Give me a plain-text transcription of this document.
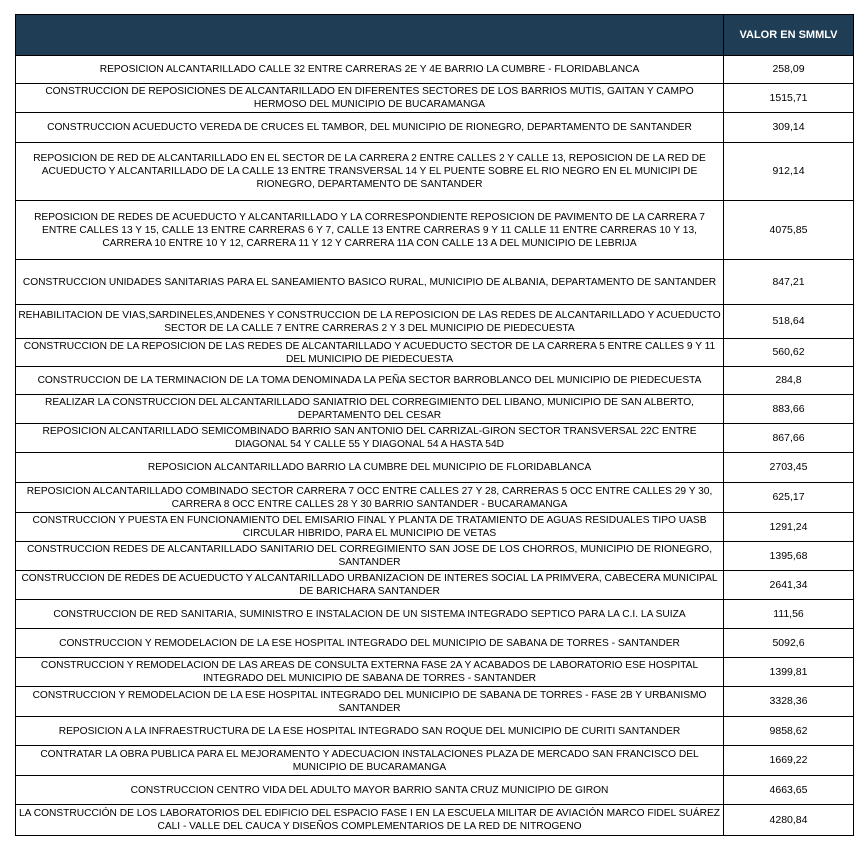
	VALOR EN SMMLV
REPOSICION ALCANTARILLADO CALLE 32 ENTRE CARRERAS 2E Y 4E BARRIO LA CUMBRE - FLORIDABLANCA	258,09
CONSTRUCCION DE REPOSICIONES DE ALCANTARILLADO EN DIFERENTES SECTORES DE LOS BARRIOS MUTIS, GAITAN Y CAMPO HERMOSO DEL MUNICIPIO DE BUCARAMANGA	1515,71
CONSTRUCCION ACUEDUCTO VEREDA DE CRUCES EL TAMBOR, DEL MUNICIPIO DE RIONEGRO, DEPARTAMENTO DE SANTANDER	309,14
REPOSICION DE RED DE ALCANTARILLADO EN EL SECTOR DE LA CARRERA 2 ENTRE CALLES 2 Y CALLE 13, REPOSICION DE LA RED DE ACUEDUCTO Y ALCANTARILLADO DE LA CALLE 13 ENTRE TRANSVERSAL 14 Y EL PUENTE SOBRE EL RIO NEGRO EN EL MUNICIPI DE RIONEGRO, DEPARTAMENTO DE SANTANDER	912,14
REPOSICION DE REDES DE ACUEDUCTO Y ALCANTARILLADO Y LA CORRESPONDIENTE REPOSICION DE PAVIMENTO DE LA CARRERA 7 ENTRE CALLES 13 Y 15, CALLE 13 ENTRE CARRERAS 6 Y 7, CALLE 13 ENTRE CARRERAS 9 Y 11 CALLE 11 ENTRE CARRERAS 10 Y 13, CARRERA 10 ENTRE 10 Y 12, CARRERA 11 Y 12 Y CARRERA 11A CON CALLE 13 A DEL MUNICIPIO DE LEBRIJA	4075,85
CONSTRUCCION UNIDADES SANITARIAS PARA EL SANEAMIENTO BASICO RURAL, MUNICIPIO DE ALBANIA, DEPARTAMENTO DE SANTANDER	847,21
REHABILITACION DE VIAS,SARDINELES,ANDENES Y CONSTRUCCION DE LA REPOSICION DE LAS REDES DE ALCANTARILLADO Y ACUEDUCTO SECTOR DE LA CALLE 7 ENTRE CARRERAS 2 Y 3 DEL MUNICIPIO DE PIEDECUESTA	518,64
CONSTRUCCION DE LA REPOSICION DE LAS REDES DE ALCANTARILLADO Y ACUEDUCTO SECTOR DE LA CARRERA 5 ENTRE CALLES 9 Y 11 DEL MUNICIPIO DE PIEDECUESTA	560,62
CONSTRUCCION DE LA TERMINACION DE LA TOMA DENOMINADA LA PEÑA SECTOR BARROBLANCO DEL MUNICIPIO DE PIEDECUESTA	284,8
REALIZAR LA CONSTRUCCION DEL ALCANTARILLADO SANIATRIO DEL CORREGIMIENTO DEL LIBANO, MUNICIPIO DE SAN ALBERTO, DEPARTAMENTO DEL CESAR	883,66
REPOSICION ALCANTARILLADO SEMICOMBINADO BARRIO SAN ANTONIO DEL CARRIZAL-GIRON SECTOR TRANSVERSAL 22C ENTRE DIAGONAL 54 Y CALLE 55 Y DIAGONAL 54 A HASTA 54D	867,66
REPOSICION ALCANTARILLADO BARRIO LA CUMBRE DEL MUNICIPIO DE FLORIDABLANCA	2703,45
REPOSICION ALCANTARILLADO COMBINADO SECTOR CARRERA 7 OCC ENTRE CALLES 27 Y 28, CARRERAS 5 OCC ENTRE CALLES 29 Y 30, CARRERA 8 OCC ENTRE CALLES 28 Y 30 BARRIO SANTANDER - BUCARAMANGA	625,17
CONSTRUCCION Y PUESTA EN FUNCIONAMIENTO DEL EMISARIO FINAL Y PLANTA DE TRATAMIENTO DE AGUAS RESIDUALES TIPO UASB CIRCULAR HIBRIDO, PARA EL MUNICIPIO DE VETAS	1291,24
CONSTRUCCION REDES DE ALCANTARILLADO SANITARIO DEL CORREGIMIENTO SAN JOSE DE LOS CHORROS, MUNICIPIO DE RIONEGRO, SANTANDER	1395,68
CONSTRUCCION DE REDES DE ACUEDUCTO Y ALCANTARILLADO URBANIZACION DE INTERES SOCIAL LA PRIMVERA, CABECERA MUNICIPAL DE BARICHARA SANTANDER	2641,34
CONSTRUCCION DE RED SANITARIA, SUMINISTRO E INSTALACION DE UN SISTEMA INTEGRADO SEPTICO PARA LA C.I. LA SUIZA	111,56
CONSTRUCCION Y REMODELACION DE LA ESE HOSPITAL INTEGRADO DEL MUNICIPIO DE SABANA DE TORRES - SANTANDER	5092,6
CONSTRUCCION Y REMODELACION DE LAS AREAS DE CONSULTA EXTERNA FASE 2A Y ACABADOS DE LABORATORIO ESE HOSPITAL INTEGRADO DEL MUNICIPIO DE SABANA DE TORRES - SANTANDER	1399,81
CONSTRUCCION Y REMODELACION DE LA ESE HOSPITAL INTEGRADO DEL MUNICIPIO DE SABANA DE TORRES - FASE 2B Y URBANISMO SANTANDER	3328,36
REPOSICION A LA INFRAESTRUCTURA DE LA ESE HOSPITAL INTEGRADO SAN ROQUE DEL MUNICIPIO DE CURITI SANTANDER	9858,62
CONTRATAR LA OBRA PUBLICA PARA EL MEJORAMENTO Y ADECUACION INSTALACIONES PLAZA DE MERCADO SAN FRANCISCO DEL MUNICIPIO DE BUCARAMANGA	1669,22
CONSTRUCCION CENTRO VIDA DEL ADULTO MAYOR BARRIO SANTA CRUZ MUNICIPIO DE GIRON	4663,65
LA CONSTRUCCIÓN DE LOS LABORATORIOS DEL EDIFICIO DEL ESPACIO FASE I EN LA ESCUELA MILITAR DE AVIACIÓN MARCO FIDEL SUÁREZ CALI - VALLE DEL CAUCA Y DISEÑOS COMPLEMENTARIOS DE LA RED DE NITROGENO	4280,84
